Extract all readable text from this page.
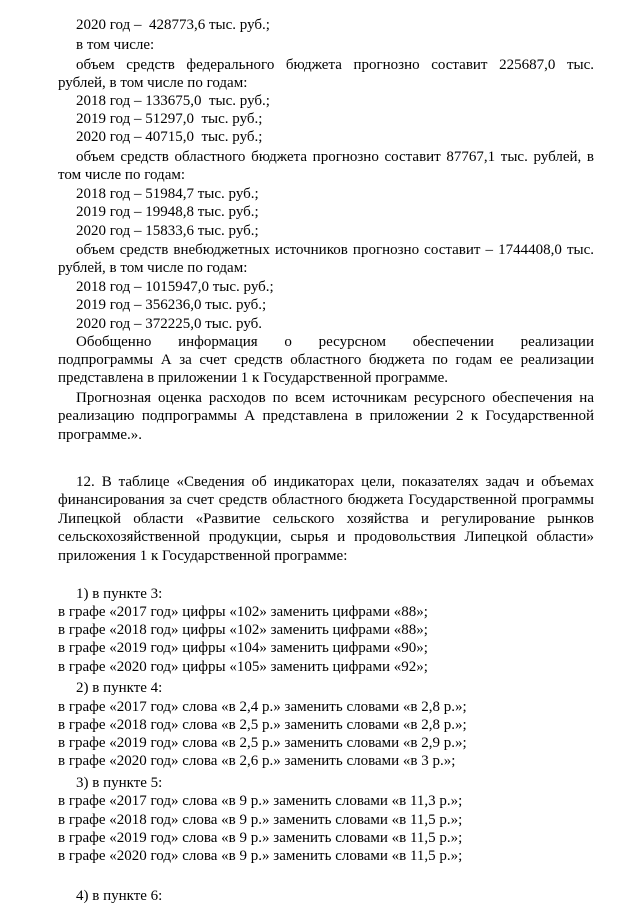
2020 год –  428773,6 тыс. руб.;
в том числе:
объем средств федерального бюджета прогнозно составит 225687,0 тыс.
рублей, в том числе по годам:
2018 год – 133675,0  тыс. руб.;
2019 год – 51297,0  тыс. руб.;
2020 год – 40715,0  тыс. руб.;
объем средств областного бюджета прогнозно составит 87767,1 тыс. рублей, в
том числе по годам:
2018 год – 51984,7 тыс. руб.;
2019 год – 19948,8 тыс. руб.;
2020 год – 15833,6 тыс. руб.;
объем средств внебюджетных источников прогнозно составит – 1744408,0 тыс.
рублей, в том числе по годам:
2018 год – 1015947,0 тыс. руб.;
2019 год – 356236,0 тыс. руб.;
2020 год – 372225,0 тыс. руб.
Обобщенно информация о ресурсном обеспечении реализации
подпрограммы А за счет средств областного бюджета по годам ее реализации
представлена в приложении 1 к Государственной программе.
Прогнозная оценка расходов по всем источникам ресурсного обеспечения на
реализацию подпрограммы А представлена в приложении 2 к Государственной
программе.».
12. В таблице «Сведения об индикаторах цели, показателях задач и объемах
финансирования за счет средств областного бюджета Государственной программы
Липецкой области «Развитие сельского хозяйства и регулирование рынков
сельскохозяйственной продукции, сырья и продовольствия Липецкой области»
приложения 1 к Государственной программе:
1) в пункте 3:
в графе «2017 год» цифры «102» заменить цифрами «88»;
в графе «2018 год» цифры «102» заменить цифрами «88»;
в графе «2019 год» цифры «104» заменить цифрами «90»;
в графе «2020 год» цифры «105» заменить цифрами «92»;
2) в пункте 4:
в графе «2017 год» слова «в 2,4 р.» заменить словами «в 2,8 р.»;
в графе «2018 год» слова «в 2,5 р.» заменить словами «в 2,8 р.»;
в графе «2019 год» слова «в 2,5 р.» заменить словами «в 2,9 р.»;
в графе «2020 год» слова «в 2,6 р.» заменить словами «в 3 р.»;
3) в пункте 5:
в графе «2017 год» слова «в 9 р.» заменить словами «в 11,3 р.»;
в графе «2018 год» слова «в 9 р.» заменить словами «в 11,5 р.»;
в графе «2019 год» слова «в 9 р.» заменить словами «в 11,5 р.»;
в графе «2020 год» слова «в 9 р.» заменить словами «в 11,5 р.»;
4) в пункте 6:
